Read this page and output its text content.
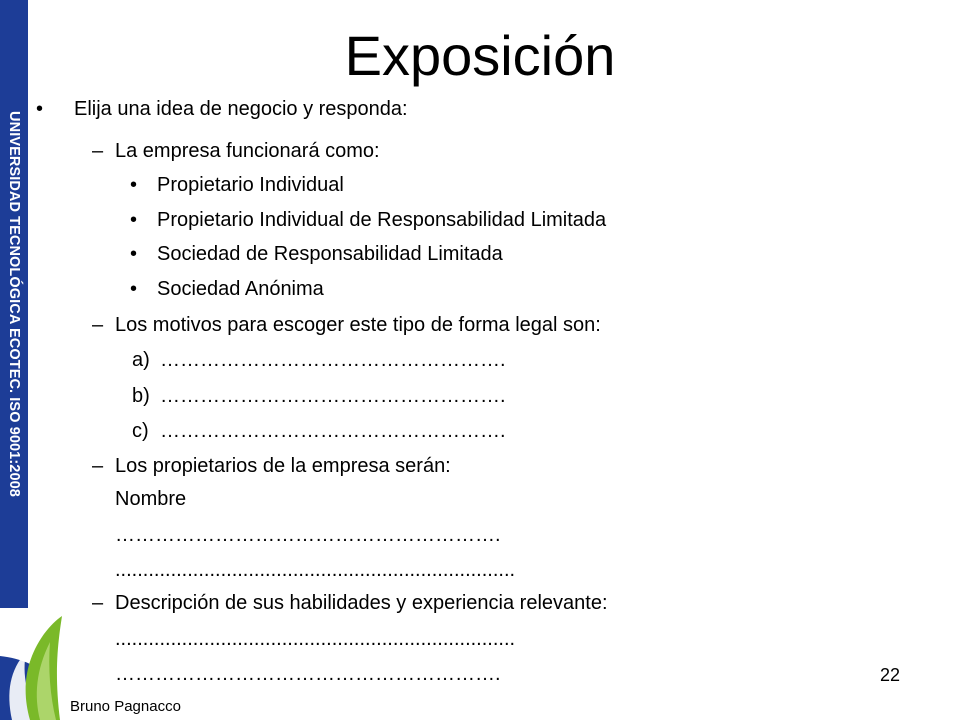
UNIVERSIDAD TECNOLÓGICA ECOTEC. ISO 9001:2008
Exposición
• Elija una idea de negocio y responda:
– La empresa funcionará como:
• Propietario Individual
• Propietario Individual de Responsabilidad Limitada
• Sociedad de Responsabilidad Limitada
• Sociedad Anónima
– Los motivos para escoger este tipo de forma legal son:
a) …………………………………………….
b) …………………………………………….
c) …………………………………………….
– Los propietarios de la empresa serán:
Nombre
………………………………………………….
........................................................................
– Descripción de sus habilidades y experiencia relevante:
........................................................................
………………………………………………….	22
Bruno Pagnacco
